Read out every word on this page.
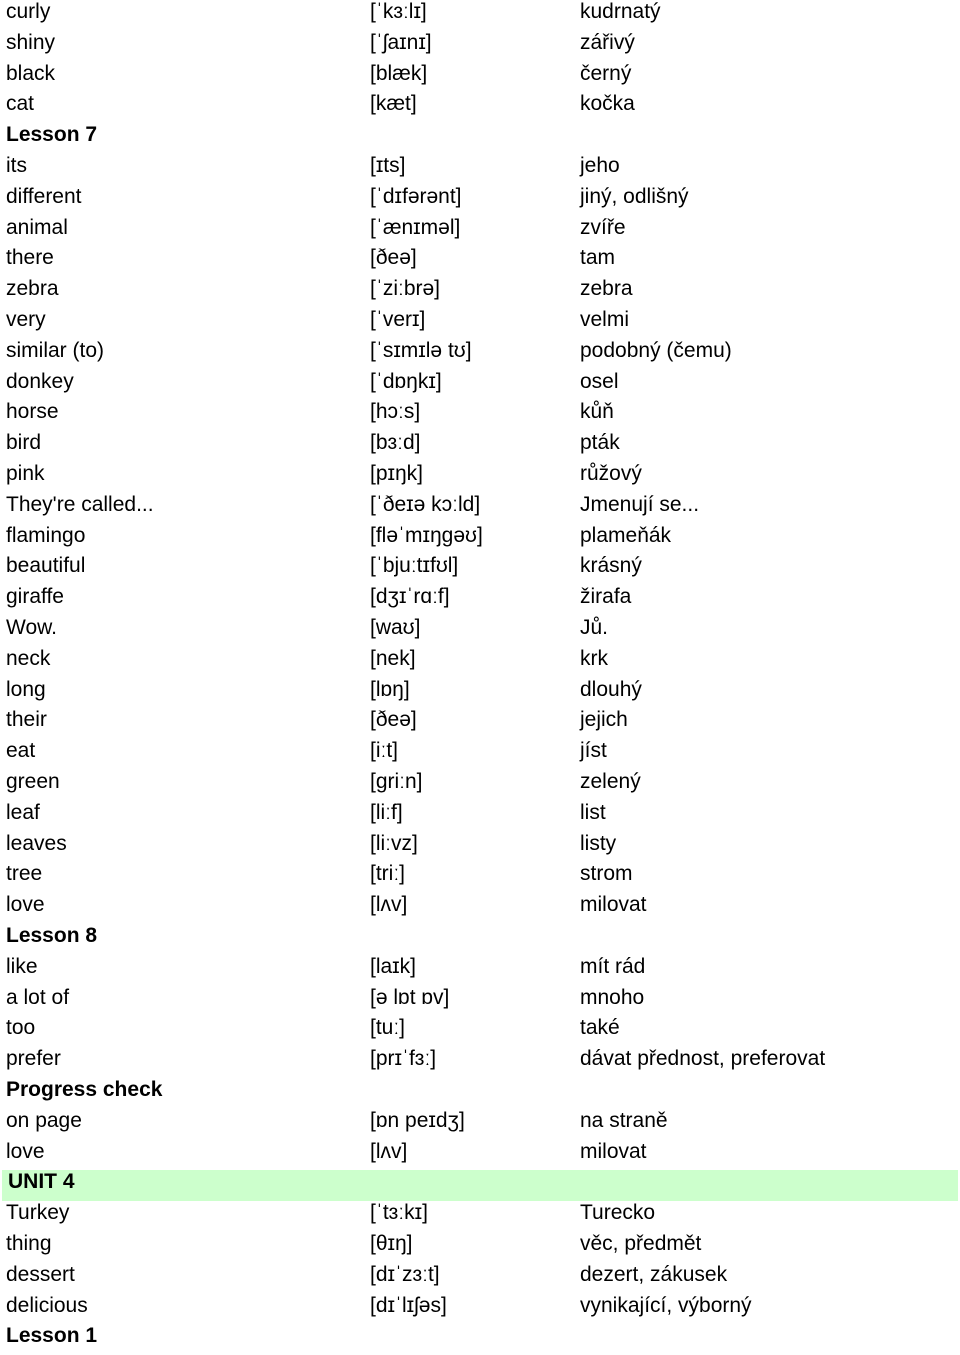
curly	[ˈkɜːlɪ]	kudrnatý
shiny	[ˈʃaɪnɪ]	zářivý
black	[blæk]	černý
cat	[kæt]	kočka
Lesson 7
its	[ɪts]	jeho
different	[ˈdɪfərənt]	jiný, odlišný
animal	[ˈænɪməl]	zvíře
there	[ðeə]	tam
zebra	[ˈziːbrə]	zebra
very	[ˈverɪ]	velmi
similar (to)	[ˈsɪmɪlə tʊ]	podobný (čemu)
donkey	[ˈdɒŋkɪ]	osel
horse	[hɔːs]	kůň
bird	[bɜːd]	pták
pink	[pɪŋk]	růžový
They're called...	[ˈðeɪə kɔːld]	Jmenují se...
flamingo	[fləˈmɪŋgəʊ]	plameňák
beautiful	[ˈbjuːtɪfʊl]	krásný
giraffe	[dʒɪˈrɑːf]	žirafa
Wow.	[waʊ]	Jů.
neck	[nek]	krk
long	[lɒŋ]	dlouhý
their	[ðeə]	jejich
eat	[iːt]	jíst
green	[griːn]	zelený
leaf	[liːf]	list
leaves	[liːvz]	listy
tree	[triː]	strom
love	[lʌv]	milovat
Lesson 8
like	[laɪk]	mít rád
a lot of	[ə lɒt ɒv]	mnoho
too	[tuː]	také
prefer	[prɪˈfɜː]	dávat přednost, preferovat
Progress check
on page	[ɒn peɪdʒ]	na straně
love	[lʌv]	milovat
UNIT 4
Turkey	[ˈtɜːkɪ]	Turecko
thing	[θɪŋ]	věc, předmět
dessert	[dɪˈzɜːt]	dezert, zákusek
delicious	[dɪˈlɪʃəs]	vynikající, výborný
Lesson 1
